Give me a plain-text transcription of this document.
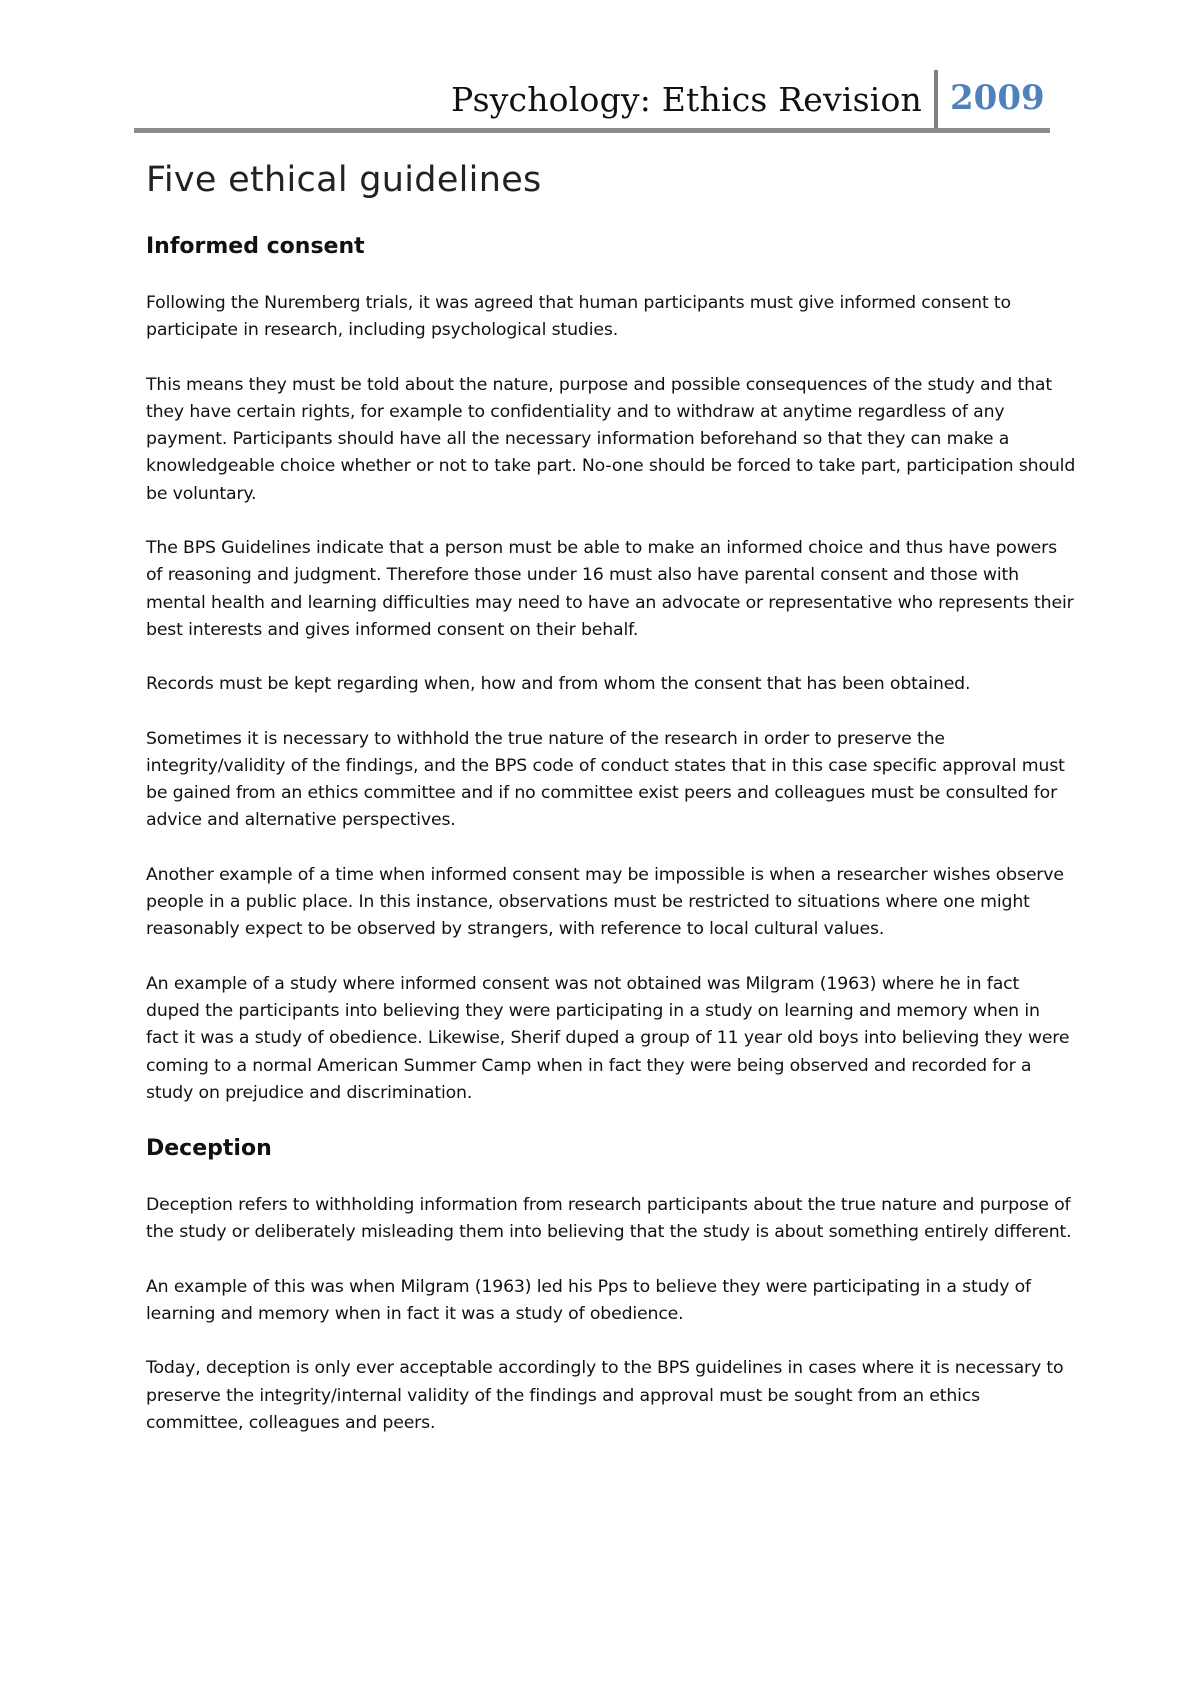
Psychology: Ethics Revision 2009
Five ethical guidelines
Informed consent

Following the Nuremberg trials, it was agreed that human participants must give informed consent to participate in research, including psychological studies.

This means they must be told about the nature, purpose and possible consequences of the study and that they have certain rights, for example to confidentiality and to withdraw at anytime regardless of any payment. Participants should have all the necessary information beforehand so that they can make a knowledgeable choice whether or not to take part. No-one should be forced to take part, participation should be voluntary.

The BPS Guidelines indicate that a person must be able to make an informed choice and thus have powers of reasoning and judgment. Therefore those under 16 must also have parental consent and those with mental health and learning difficulties may need to have an advocate or representative who represents their best interests and gives informed consent on their behalf.

Records must be kept regarding when, how and from whom the consent that has been obtained.

Sometimes it is necessary to withhold the true nature of the research in order to preserve the integrity/validity of the findings, and the BPS code of conduct states that in this case specific approval must be gained from an ethics committee and if no committee exist peers and colleagues must be consulted for advice and alternative perspectives.

Another example of a time when informed consent may be impossible is when a researcher wishes observe people in a public place. In this instance, observations must be restricted to situations where one might reasonably expect to be observed by strangers, with reference to local cultural values.

An example of a study where informed consent was not obtained was Milgram (1963) where he in fact duped the participants into believing they were participating in a study on learning and memory when in fact it was a study of obedience. Likewise, Sherif duped a group of 11 year old boys into believing they were coming to a normal American Summer Camp when in fact they were being observed and recorded for a study on prejudice and discrimination.

Deception

Deception refers to withholding information from research participants about the true nature and purpose of the study or deliberately misleading them into believing that the study is about something entirely different.

An example of this was when Milgram (1963) led his Pps to believe they were participating in a study of learning and memory when in fact it was a study of obedience.

Today, deception is only ever acceptable accordingly to the BPS guidelines in cases where it is necessary to preserve the integrity/internal validity of the findings and approval must be sought from an ethics committee, colleagues and peers.
